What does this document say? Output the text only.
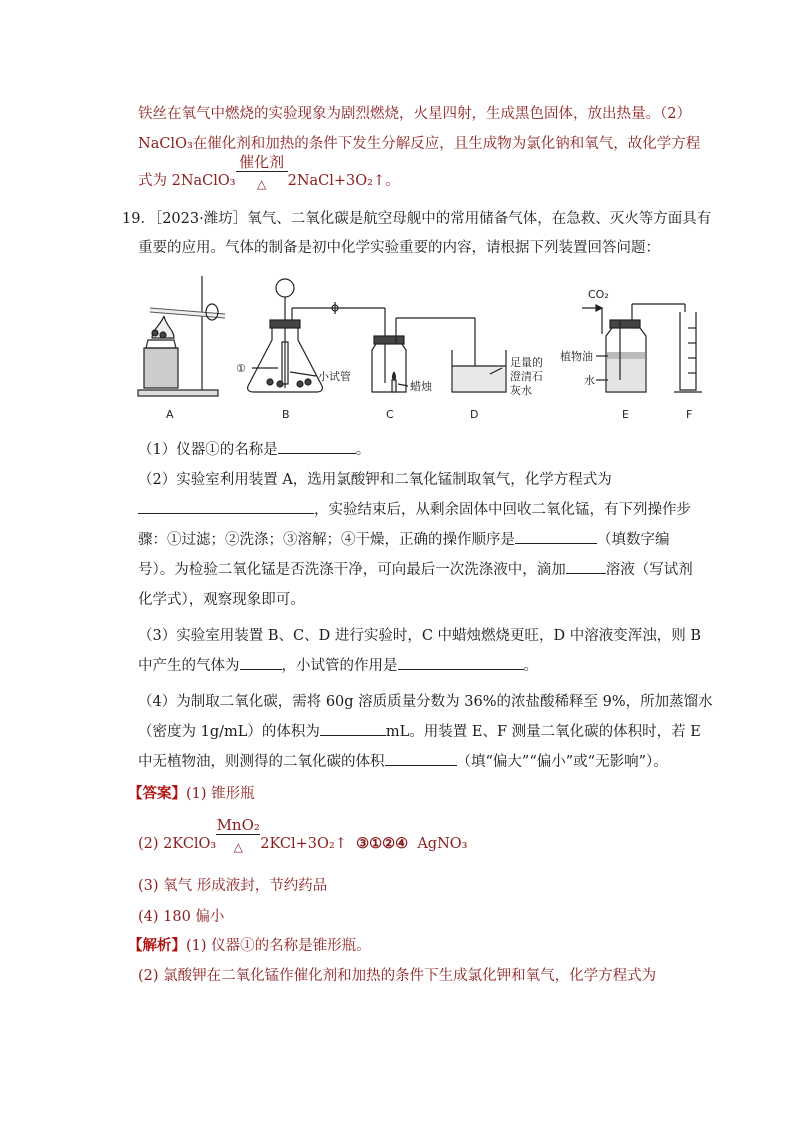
铁丝在氧气中燃烧的实验现象为剧烈燃烧，火星四射，生成黑色固体，放出热量。（2）
NaClO₃在催化剂和加热的条件下发生分解反应，且生成物为氯化钠和氧气，故化学方程
式为 2NaClO₃ $\frac{\text{催化剂}}{\triangle}$ 2NaCl+3O₂↑。
19．［2023·潍坊］氧气、二氧化碳是航空母舰中的常用储备气体，在急救、灭火等方面具有
重要的应用。气体的制备是初中化学实验重要的内容，请根据下列装置回答问题：
①
小试管
蜡烛
足量的
澄清石
灰水
CO₂
植物油
水
A	B	C	D	E	F
（1）仪器①的名称是	。
（2）实验室利用装置 A，选用氯酸钾和二氧化锰制取氧气，化学方程式为
，实验结束后，从剩余固体中回收二氧化锰，有下列操作步
骤：①过滤；②洗涤；③溶解；④干燥，正确的操作顺序是	（填数字编
号）。为检验二氧化锰是否洗涤干净，可向最后一次洗涤液中，滴加	溶液（写试剂
化学式），观察现象即可。
（3）实验室用装置 B、C、D 进行实验时，C 中蜡烛燃烧更旺，D 中溶液变浑浊，则 B
中产生的气体为	，小试管的作用是	。
（4）为制取二氧化碳，需将 60g 溶质质量分数为 36%的浓盐酸稀释至 9%，所加蒸馏水
（密度为 1g/mL）的体积为	mL。用装置 E、F 测量二氧化碳的体积时，若 E
中无植物油，则测得的二氧化碳的体积	（填“偏大”“偏小”或“无影响”）。
【答案】(1) 锥形瓶
(2) 2KClO₃ $\frac{\text{MnO₂}}{\triangle}$ 2KCl+3O₂↑ ③①②④ AgNO₃
(3) 氧气 形成液封，节约药品
(4) 180 偏小
【解析】(1) 仪器①的名称是锥形瓶。
(2) 氯酸钾在二氧化锰作催化剂和加热的条件下生成氯化钾和氧气，化学方程式为
